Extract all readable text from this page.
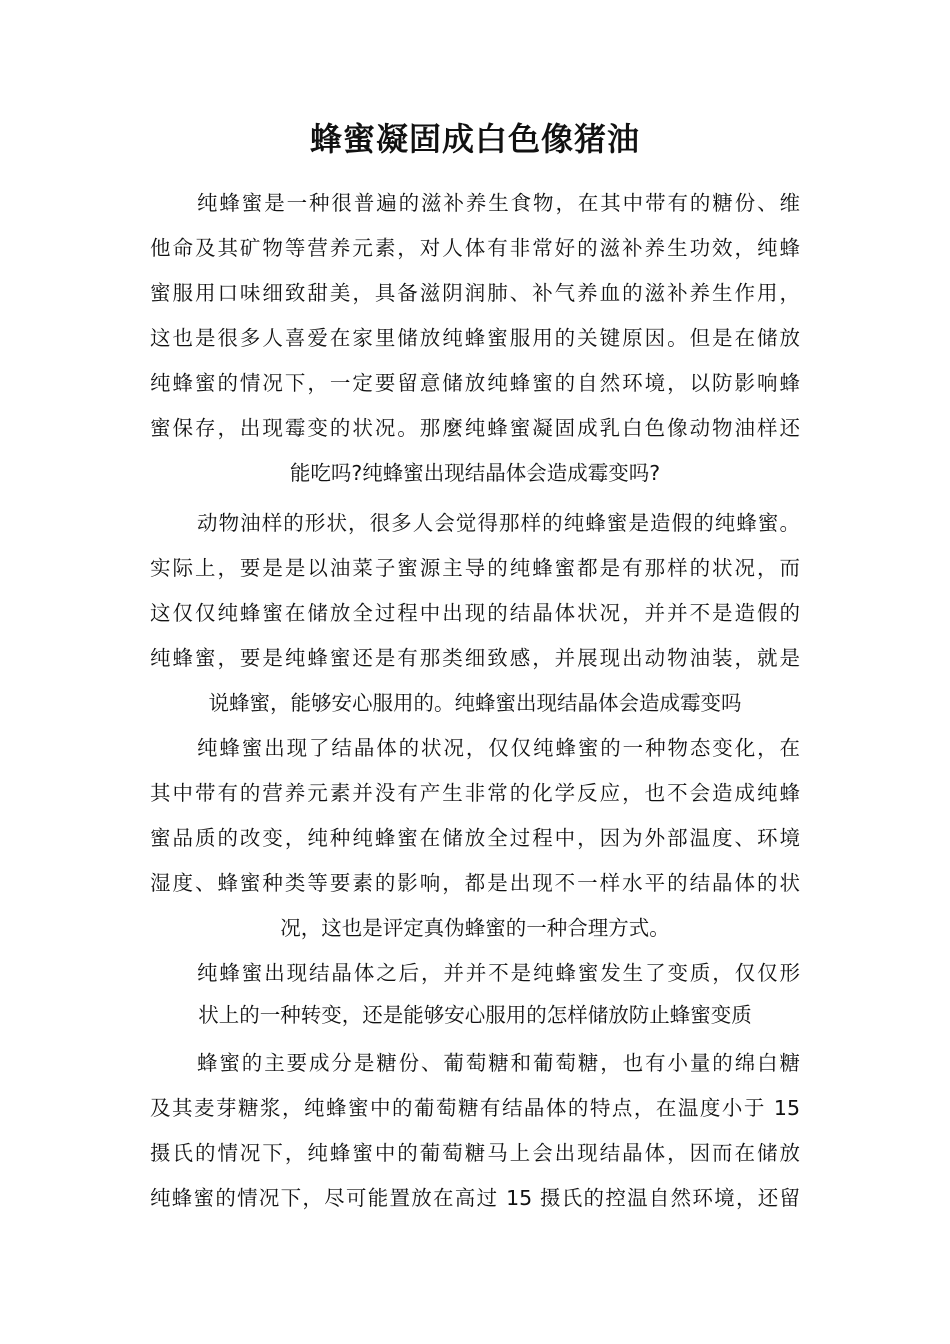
蜂蜜凝固成白色像猪油
纯蜂蜜是一种很普遍的滋补养生食物，在其中带有的糖份、维
他命及其矿物等营养元素，对人体有非常好的滋补养生功效，纯蜂
蜜服用口味细致甜美，具备滋阴润肺、补气养血的滋补养生作用，
这也是很多人喜爱在家里储放纯蜂蜜服用的关键原因。但是在储放
纯蜂蜜的情况下，一定要留意储放纯蜂蜜的自然环境，以防影响蜂
蜜保存，出现霉变的状况。那麼纯蜂蜜凝固成乳白色像动物油样还
能吃吗?纯蜂蜜出现结晶体会造成霉变吗?
动物油样的形状，很多人会觉得那样的纯蜂蜜是造假的纯蜂蜜。
实际上，要是是以油菜子蜜源主导的纯蜂蜜都是有那样的状况，而
这仅仅纯蜂蜜在储放全过程中出现的结晶体状况，并并不是造假的
纯蜂蜜，要是纯蜂蜜还是有那类细致感，并展现出动物油装，就是
说蜂蜜，能够安心服用的。纯蜂蜜出现结晶体会造成霉变吗
纯蜂蜜出现了结晶体的状况，仅仅纯蜂蜜的一种物态变化，在
其中带有的营养元素并没有产生非常的化学反应，也不会造成纯蜂
蜜品质的改变，纯种纯蜂蜜在储放全过程中，因为外部温度、环境
湿度、蜂蜜种类等要素的影响，都是出现不一样水平的结晶体的状
况，这也是评定真伪蜂蜜的一种合理方式。
纯蜂蜜出现结晶体之后，并并不是纯蜂蜜发生了变质，仅仅形
状上的一种转变，还是能够安心服用的怎样储放防止蜂蜜变质
蜂蜜的主要成分是糖份、葡萄糖和葡萄糖，也有小量的绵白糖
及其麦芽糖浆，纯蜂蜜中的葡萄糖有结晶体的特点，在温度小于 15
摄氏的情况下，纯蜂蜜中的葡萄糖马上会出现结晶体，因而在储放
纯蜂蜜的情况下，尽可能置放在高过 15 摄氏的控温自然环境，还留
